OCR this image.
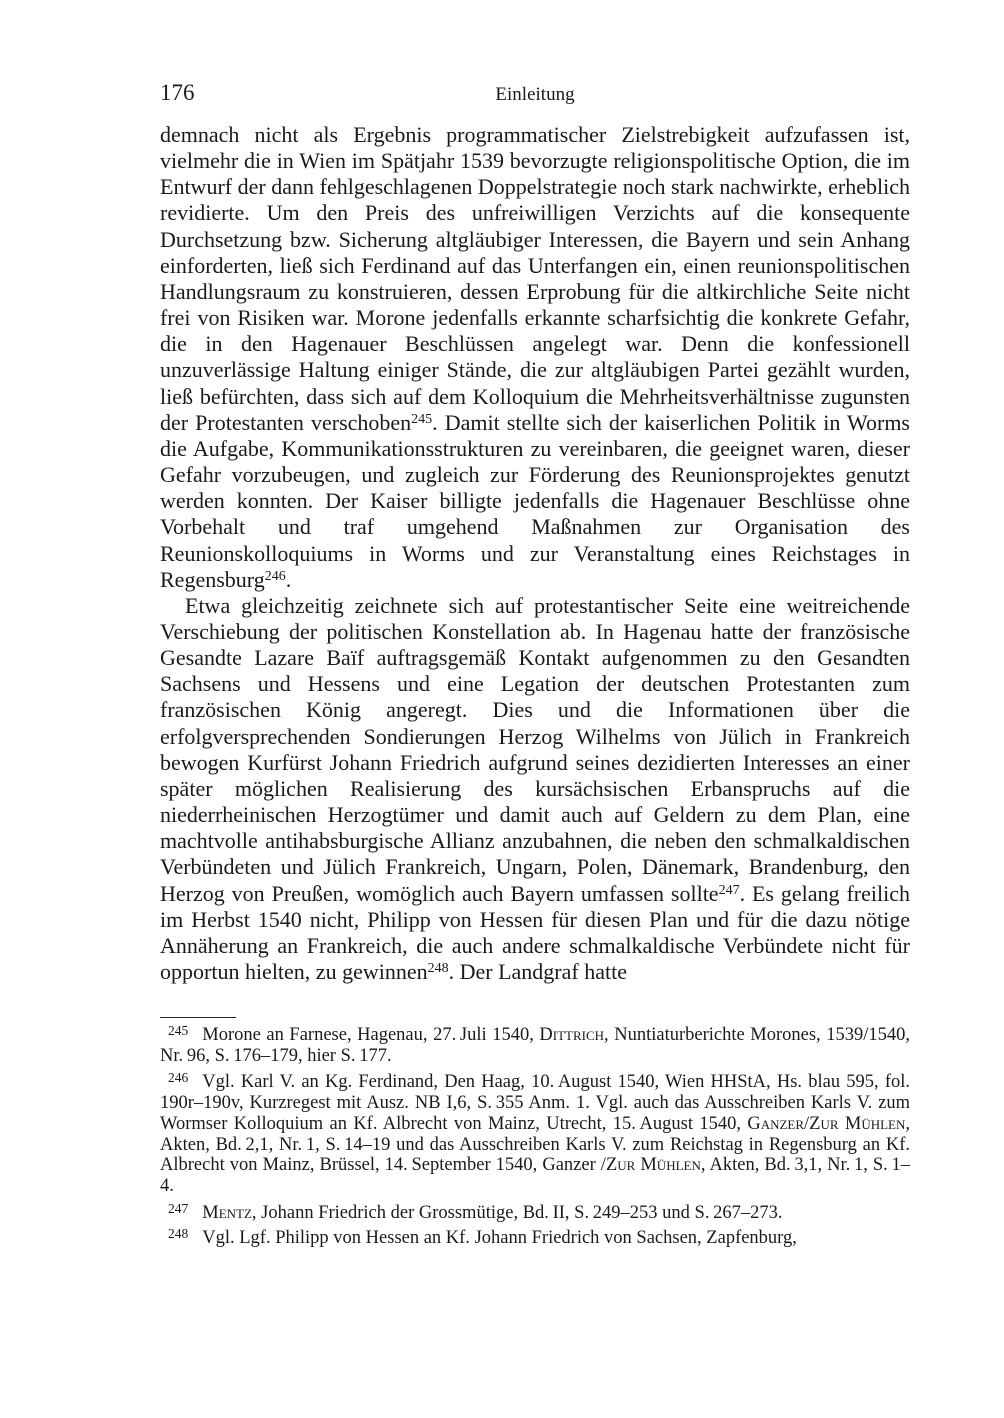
176	Einleitung

demnach nicht als Ergebnis programmatischer Zielstrebigkeit aufzufassen ist, vielmehr die in Wien im Spätjahr 1539 bevorzugte religionspolitische Option, die im Entwurf der dann fehlgeschlagenen Doppelstrategie noch stark nachwirkte, erheblich revidierte. Um den Preis des unfreiwilligen Verzichts auf die konsequente Durchsetzung bzw. Sicherung altgläubiger Interessen, die Bayern und sein Anhang einforderten, ließ sich Ferdinand auf das Unterfangen ein, einen reunionspolitischen Handlungsraum zu konstruieren, dessen Erprobung für die altkirchliche Seite nicht frei von Risiken war. Morone jedenfalls erkannte scharfsichtig die konkrete Gefahr, die in den Hagenauer Beschlüssen angelegt war. Denn die konfessionell unzuverlässige Haltung einiger Stände, die zur altgläubigen Partei gezählt wurden, ließ befürchten, dass sich auf dem Kolloquium die Mehrheitsverhältnisse zugunsten der Protestanten verschoben$^{245}$. Damit stellte sich der kaiserlichen Politik in Worms die Aufgabe, Kommunikationsstrukturen zu vereinbaren, die geeignet waren, dieser Gefahr vorzubeugen, und zugleich zur Förderung des Reunionsprojektes genutzt werden konnten. Der Kaiser billigte jedenfalls die Hagenauer Beschlüsse ohne Vorbehalt und traf umgehend Maßnahmen zur Organisation des Reunionskolloquiums in Worms und zur Veranstaltung eines Reichstages in Regensburg$^{246}$.

Etwa gleichzeitig zeichnete sich auf protestantischer Seite eine weitreichende Verschiebung der politischen Konstellation ab. In Hagenau hatte der französische Gesandte Lazare Baïf auftragsgemäß Kontakt aufgenommen zu den Gesandten Sachsens und Hessens und eine Legation der deutschen Protestanten zum französischen König angeregt. Dies und die Informationen über die erfolgversprechenden Sondierungen Herzog Wilhelms von Jülich in Frankreich bewogen Kurfürst Johann Friedrich aufgrund seines dezidierten Interesses an einer später möglichen Realisierung des kursächsischen Erbanspruchs auf die niederrheinischen Herzogtümer und damit auch auf Geldern zu dem Plan, eine machtvolle antihabsburgische Allianz anzubahnen, die neben den schmalkaldischen Verbündeten und Jülich Frankreich, Ungarn, Polen, Dänemark, Brandenburg, den Herzog von Preußen, womöglich auch Bayern umfassen sollte$^{247}$. Es gelang freilich im Herbst 1540 nicht, Philipp von Hessen für diesen Plan und für die dazu nötige Annäherung an Frankreich, die auch andere schmalkaldische Verbündete nicht für opportun hielten, zu gewinnen$^{248}$. Der Landgraf hatte

$^{245}$ Morone an Farnese, Hagenau, 27. Juli 1540, Dittrich, Nuntiaturberichte Morones, 1539/1540, Nr. 96, S. 176–179, hier S. 177.

$^{246}$ Vgl. Karl V. an Kg. Ferdinand, Den Haag, 10. August 1540, Wien HHStA, Hs. blau 595, fol. 190r–190v, Kurzregest mit Ausz. NB I,6, S. 355 Anm. 1. Vgl. auch das Ausschreiben Karls V. zum Wormser Kolloquium an Kf. Albrecht von Mainz, Utrecht, 15. August 1540, Ganzer/Zur Mühlen, Akten, Bd. 2,1, Nr. 1, S. 14–19 und das Ausschreiben Karls V. zum Reichstag in Regensburg an Kf. Albrecht von Mainz, Brüssel, 14. September 1540, Ganzer /Zur Mühlen, Akten, Bd. 3,1, Nr. 1, S. 1–4.

$^{247}$ Mentz, Johann Friedrich der Grossmütige, Bd. II, S. 249–253 und S. 267–273.

$^{248}$ Vgl. Lgf. Philipp von Hessen an Kf. Johann Friedrich von Sachsen, Zapfenburg,
